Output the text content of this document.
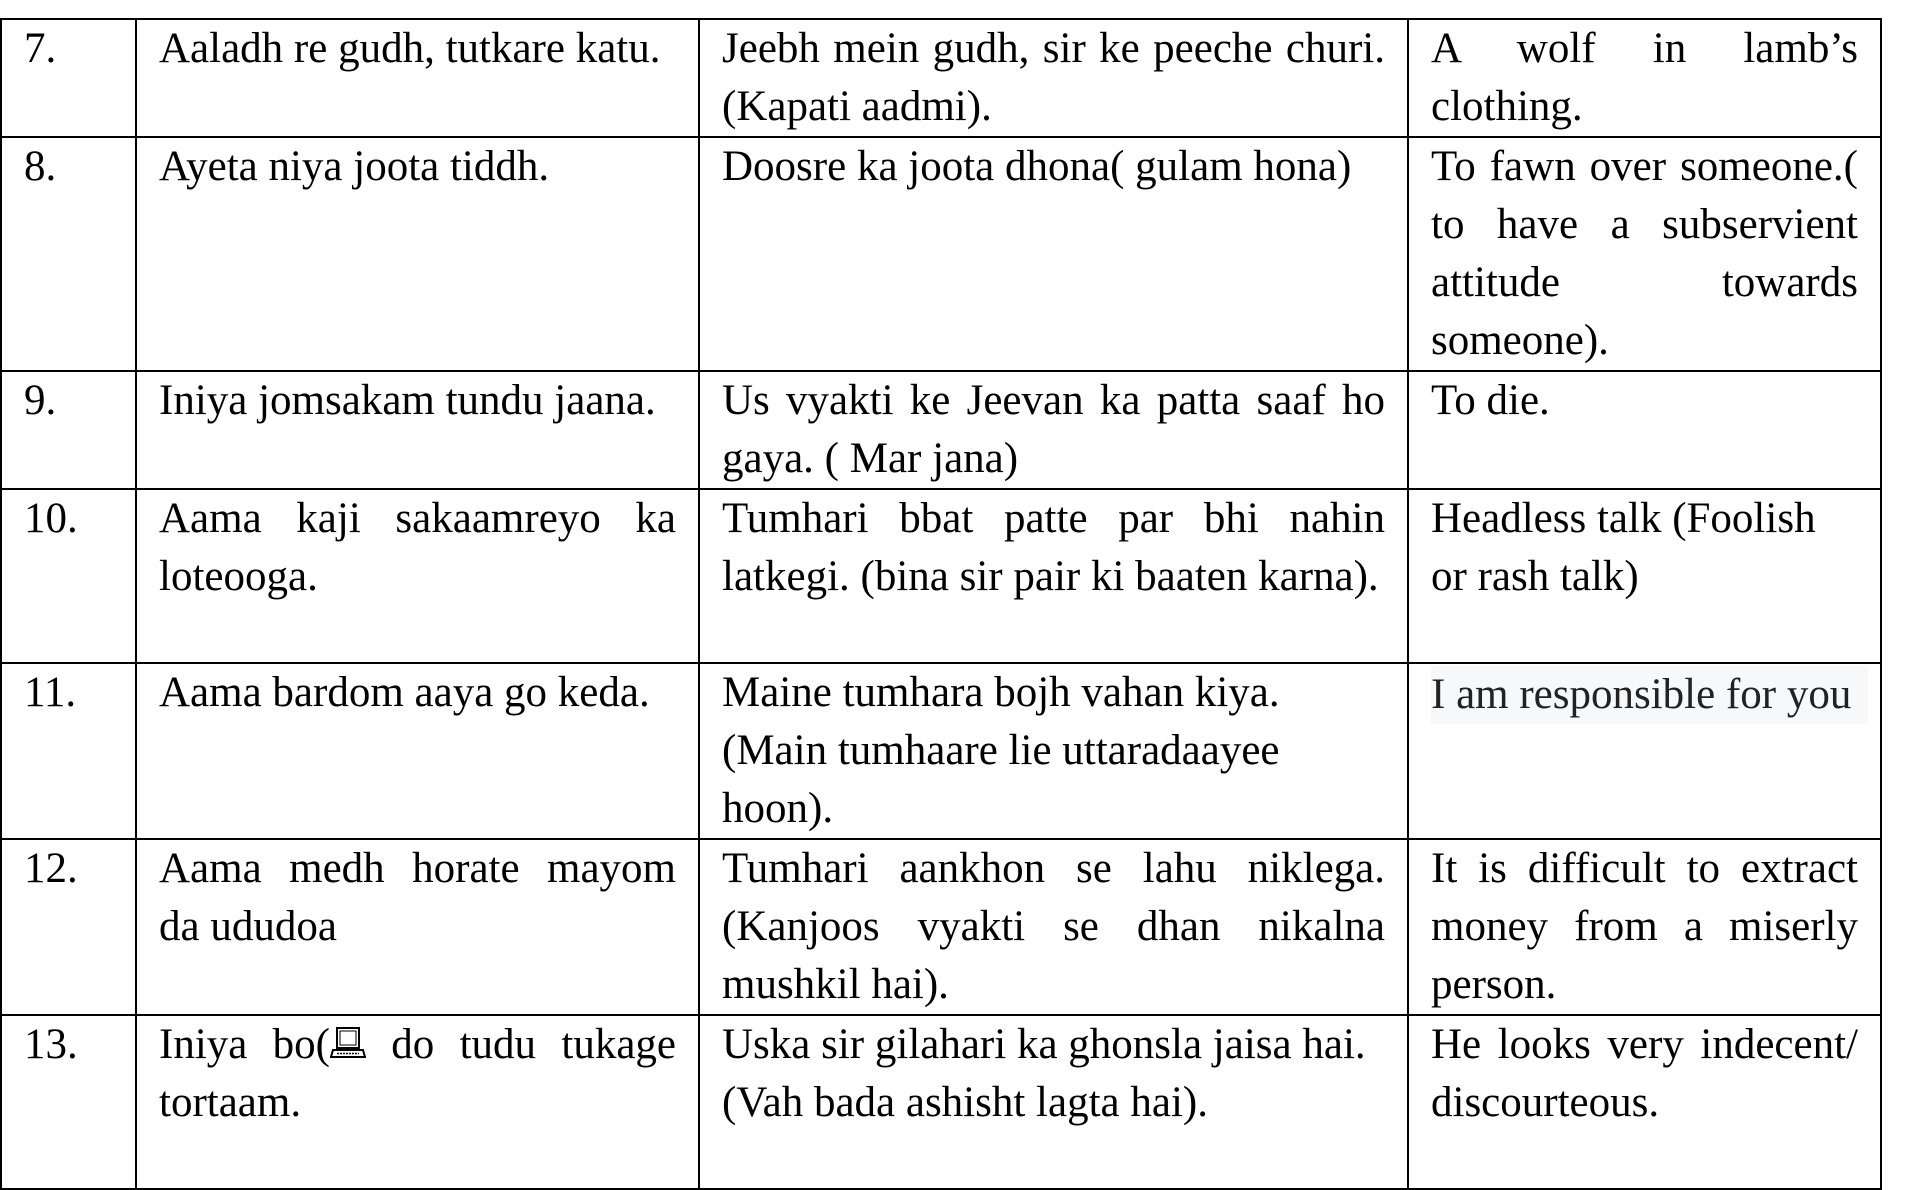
7.	Aaladh re gudh, tutkare katu.	Jeebh mein gudh, sir ke peeche churi.(Kapati aadmi).	A wolf in lamb’s clothing.
8.	Ayeta niya joota tiddh.	Doosre ka joota dhona( gulam hona)	To fawn over someone.( to have a subservient attitude towards someone).
9.	Iniya jomsakam tundu jaana.	Us vyakti ke Jeevan ka patta saaf ho gaya. ( Mar jana)	To die.
10.	Aama kaji sakaamreyo ka loteooga.	Tumhari bbat patte par bhi nahin latkegi. (bina sir pair ki baaten karna).	Headless talk (Foolish or rash talk)
11.	Aama bardom aaya go keda.	Maine tumhara bojh vahan kiya. (Main tumhaare lie uttaradaayee hoon).	I am responsible for you
12.	Aama medh horate mayom da ududoa	Tumhari aankhon se lahu niklega. (Kanjoos vyakti se dhan nikalna mushkil hai).	It is difficult to extract money from a miserly person.
13.	Iniya bo( do tudu tukage tortaam.	Uska sir gilahari ka ghonsla jaisa hai.(Vah bada ashisht lagta hai).	He looks very indecent/ discourteous.
